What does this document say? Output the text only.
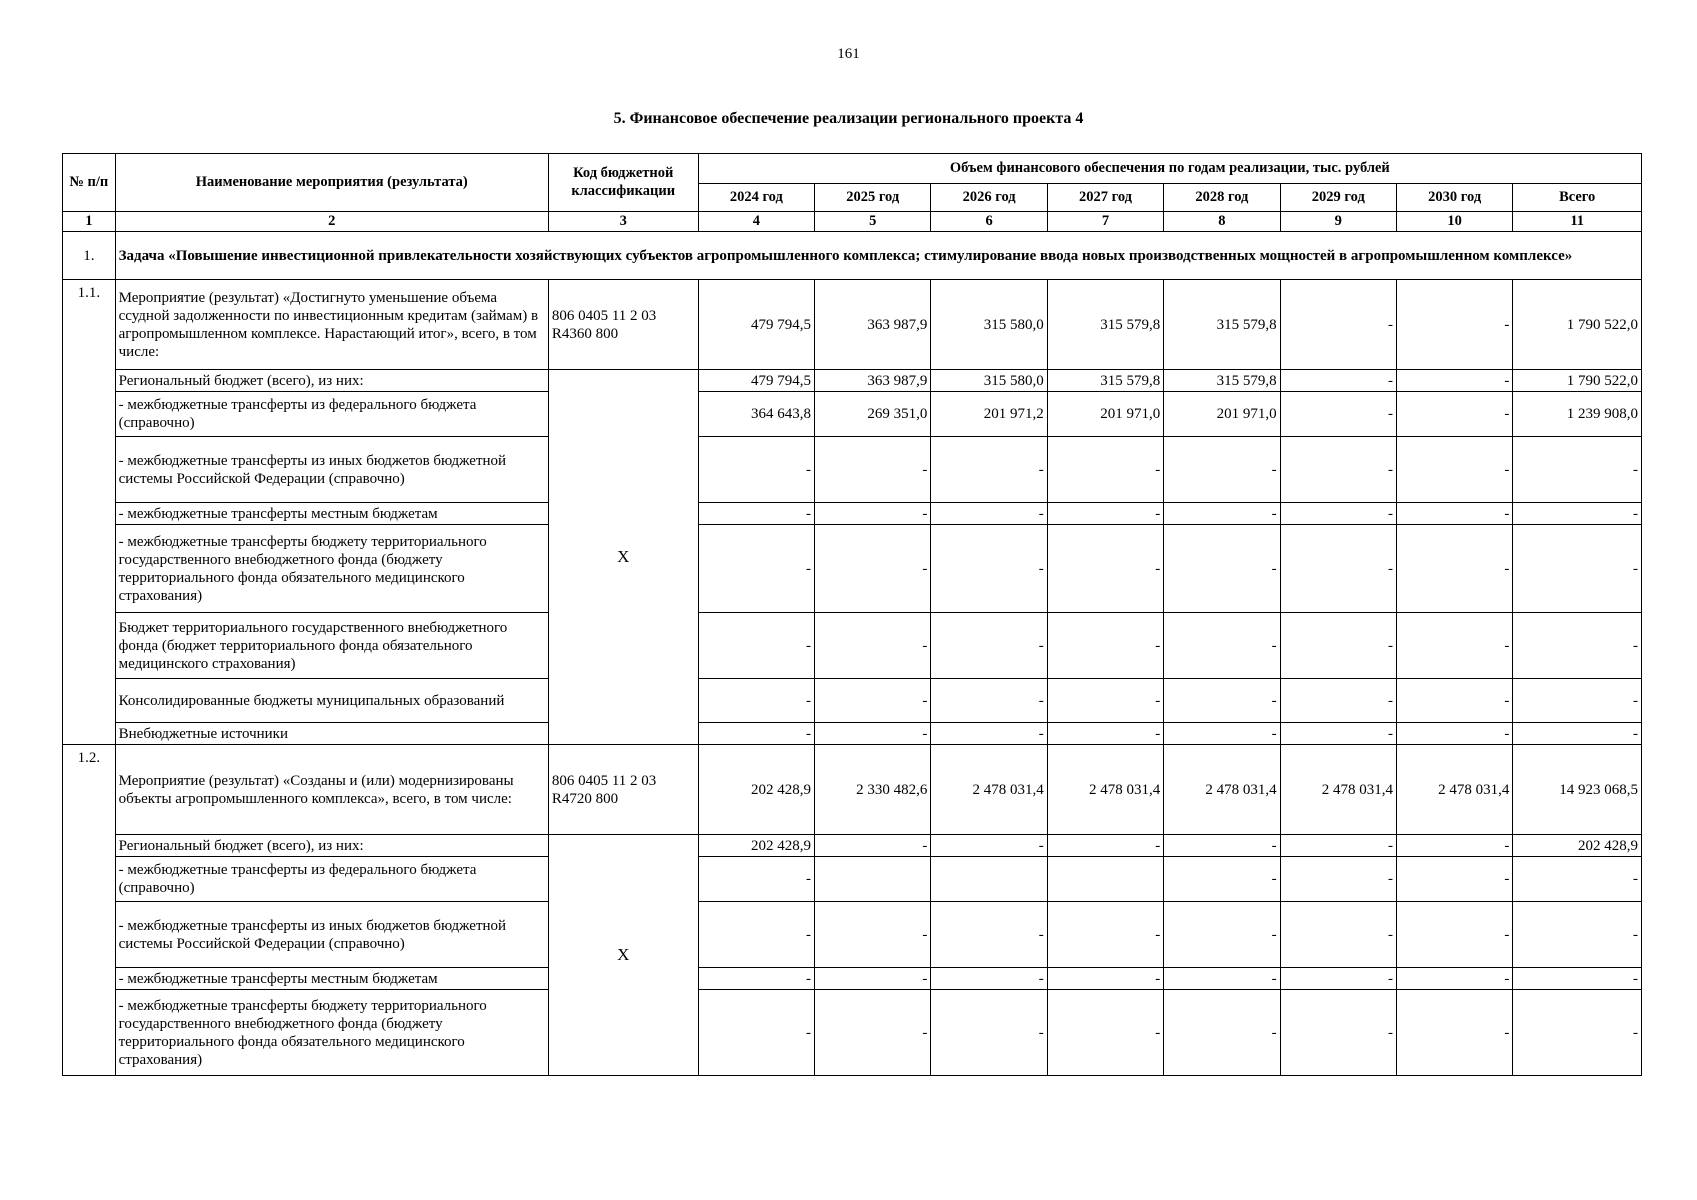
161
5. Финансовое обеспечение реализации регионального проекта 4
№ п/п	Наименование мероприятия (результата)	Код бюджетной классификации	Объем финансового обеспечения по годам реализации, тыс. рублей							
			2024 год	2025 год	2026 год	2027 год	2028 год	2029 год	2030 год	Всего
1	2	3	4	5	6	7	8	9	10	11
1.	Задача «Повышение инвестиционной привлекательности хозяйствующих субъектов агропромышленного комплекса; стимулирование ввода новых производственных мощностей в агропромышленном комплексе»									
1.1.	Мероприятие (результат) «Достигнуто уменьшение объема ссудной задолженности по инвестиционным кредитам (займам) в агропромышленном комплексе. Нарастающий итог», всего, в том числе:	806 0405 11 2 03 R4360 800	479 794,5	363 987,9	315 580,0	315 579,8	315 579,8	-	-	1 790 522,0
	Региональный бюджет (всего), из них:	X	479 794,5	363 987,9	315 580,0	315 579,8	315 579,8	-	-	1 790 522,0
	- межбюджетные трансферты из федерального бюджета (справочно)		364 643,8	269 351,0	201 971,2	201 971,0	201 971,0	-	-	1 239 908,0
	- межбюджетные трансферты из иных бюджетов бюджетной системы Российской Федерации (справочно)		-	-	-	-	-	-	-	-
	- межбюджетные трансферты местным бюджетам		-	-	-	-	-	-	-	-
	- межбюджетные трансферты бюджету территориального государственного внебюджетного фонда (бюджету территориального фонда обязательного медицинского страхования)		-	-	-	-	-	-	-	-
	Бюджет территориального государственного внебюджетного фонда (бюджет территориального фонда обязательного медицинского страхования)		-	-	-	-	-	-	-	-
	Консолидированные бюджеты муниципальных образований		-	-	-	-	-	-	-	-
	Внебюджетные источники		-	-	-	-	-	-	-	-
1.2.	Мероприятие (результат) «Созданы и (или) модернизированы объекты агропромышленного комплекса», всего, в том числе:	806 0405 11 2 03 R4720 800	202 428,9	2 330 482,6	2 478 031,4	2 478 031,4	2 478 031,4	2 478 031,4	2 478 031,4	14 923 068,5
	Региональный бюджет (всего), из них:	X	202 428,9	-	-	-	-	-	-	202 428,9
	- межбюджетные трансферты из федерального бюджета (справочно)		-				-	-	-	-
	- межбюджетные трансферты из иных бюджетов бюджетной системы Российской Федерации (справочно)		-	-	-	-	-	-	-	-
	- межбюджетные трансферты местным бюджетам		-	-	-	-	-	-	-	-
	- межбюджетные трансферты бюджету территориального государственного внебюджетного фонда (бюджету территориального фонда обязательного медицинского страхования)		-	-	-	-	-	-	-	-
